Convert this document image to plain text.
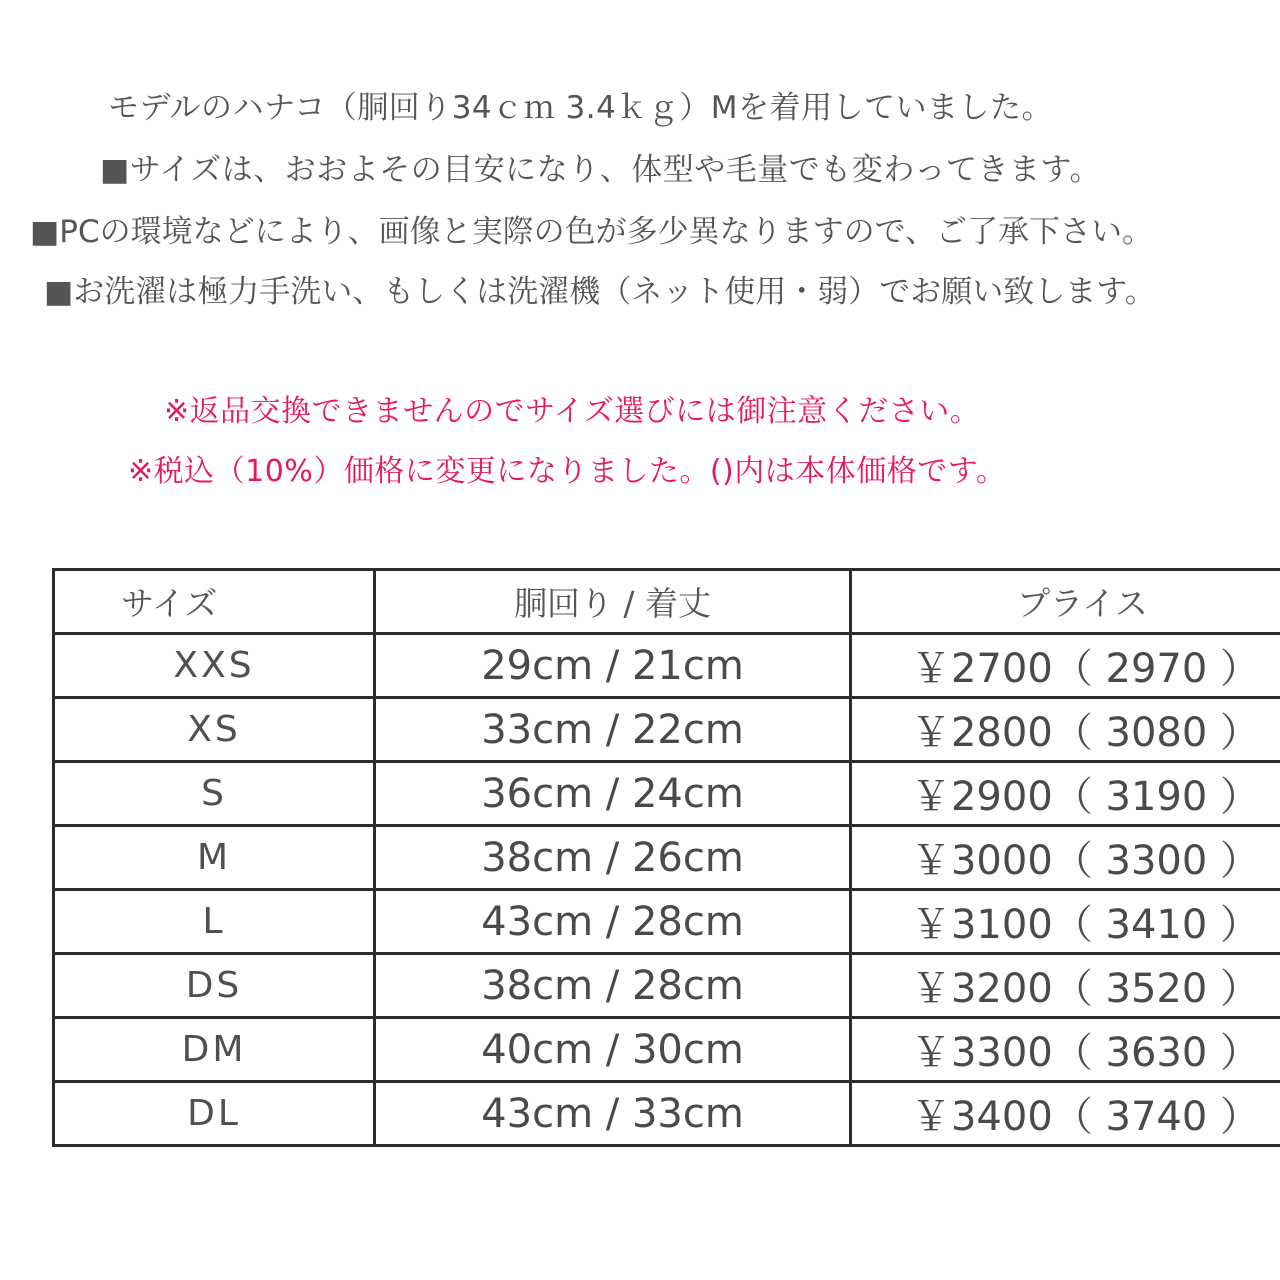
モデルのハナコ（胴回り34ｃｍ 3.4ｋｇ）Mを着用していました。
■サイズは、おおよその目安になり、体型や毛量でも変わってきます。
■PCの環境などにより、画像と実際の色が多少異なりますので、ご了承下さい。
■お洗濯は極力手洗い、もしくは洗濯機（ネット使用・弱）でお願い致します。
※返品交換できませんのでサイズ選びには御注意ください。
※税込（10%）価格に変更になりました。()内は本体価格です。
サイズ	胴回り / 着丈	プライス
XXS	29cm / 21cm	￥2700（ 2970 ）
XS	33cm / 22cm	￥2800（ 3080 ）
S	36cm / 24cm	￥2900（ 3190 ）
M	38cm / 26cm	￥3000（ 3300 ）
L	43cm / 28cm	￥3100（ 3410 ）
DS	38cm / 28cm	￥3200（ 3520 ）
DM	40cm / 30cm	￥3300（ 3630 ）
DL	43cm / 33cm	￥3400（ 3740 ）
